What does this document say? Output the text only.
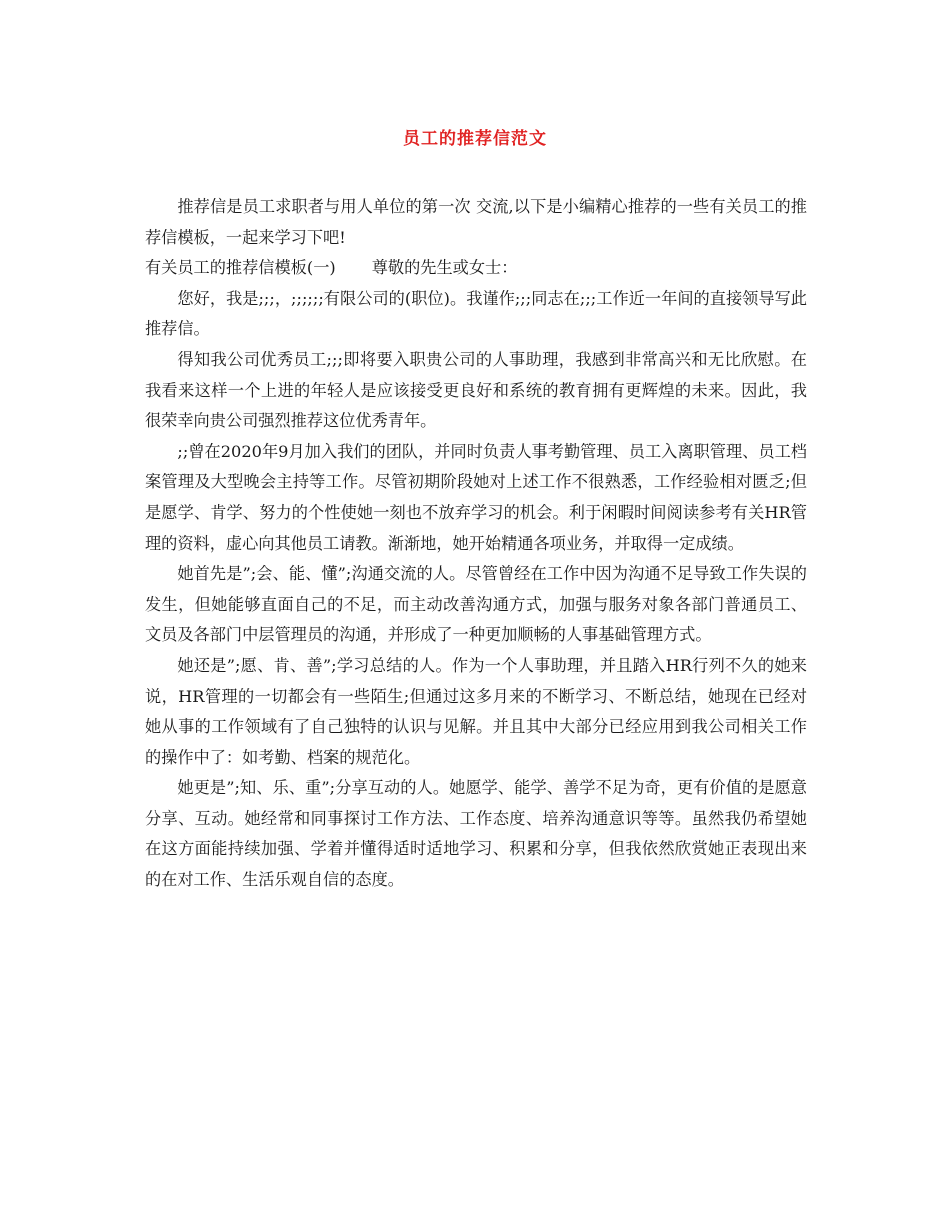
员工的推荐信范文

推荐信是员工求职者与用人单位的第一次 交流,以下是小编精心推荐的一些有关员工的推荐信模板，一起来学习下吧!

有关员工的推荐信模板(一) 尊敬的先生或女士：

您好，我是;;;，;;;;;;有限公司的(职位)。我谨作;;;同志在;;;工作近一年间的直接领导写此推荐信。

得知我公司优秀员工;;;即将要入职贵公司的人事助理，我感到非常高兴和无比欣慰。在我看来这样一个上进的年轻人是应该接受更良好和系统的教育拥有更辉煌的未来。因此，我很荣幸向贵公司强烈推荐这位优秀青年。

;;曾在2020年9月加入我们的团队，并同时负责人事考勤管理、员工入离职管理、员工档案管理及大型晚会主持等工作。尽管初期阶段她对上述工作不很熟悉，工作经验相对匮乏;但是愿学、肯学、努力的个性使她一刻也不放弃学习的机会。利于闲暇时间阅读参考有关HR管理的资料，虚心向其他员工请教。渐渐地，她开始精通各项业务，并取得一定成绩。

她首先是”;会、能、懂”;沟通交流的人。尽管曾经在工作中因为沟通不足导致工作失误的发生，但她能够直面自己的不足，而主动改善沟通方式，加强与服务对象各部门普通员工、文员及各部门中层管理员的沟通，并形成了一种更加顺畅的人事基础管理方式。

她还是”;愿、肯、善”;学习总结的人。作为一个人事助理，并且踏入HR行列不久的她来说，HR管理的一切都会有一些陌生;但通过这多月来的不断学习、不断总结，她现在已经对她从事的工作领域有了自己独特的认识与见解。并且其中大部分已经应用到我公司相关工作的操作中了：如考勤、档案的规范化。

她更是”;知、乐、重”;分享互动的人。她愿学、能学、善学不足为奇，更有价值的是愿意分享、互动。她经常和同事探讨工作方法、工作态度、培养沟通意识等等。虽然我仍希望她在这方面能持续加强、学着并懂得适时适地学习、积累和分享，但我依然欣赏她正表现出来的在对工作、生活乐观自信的态度。
